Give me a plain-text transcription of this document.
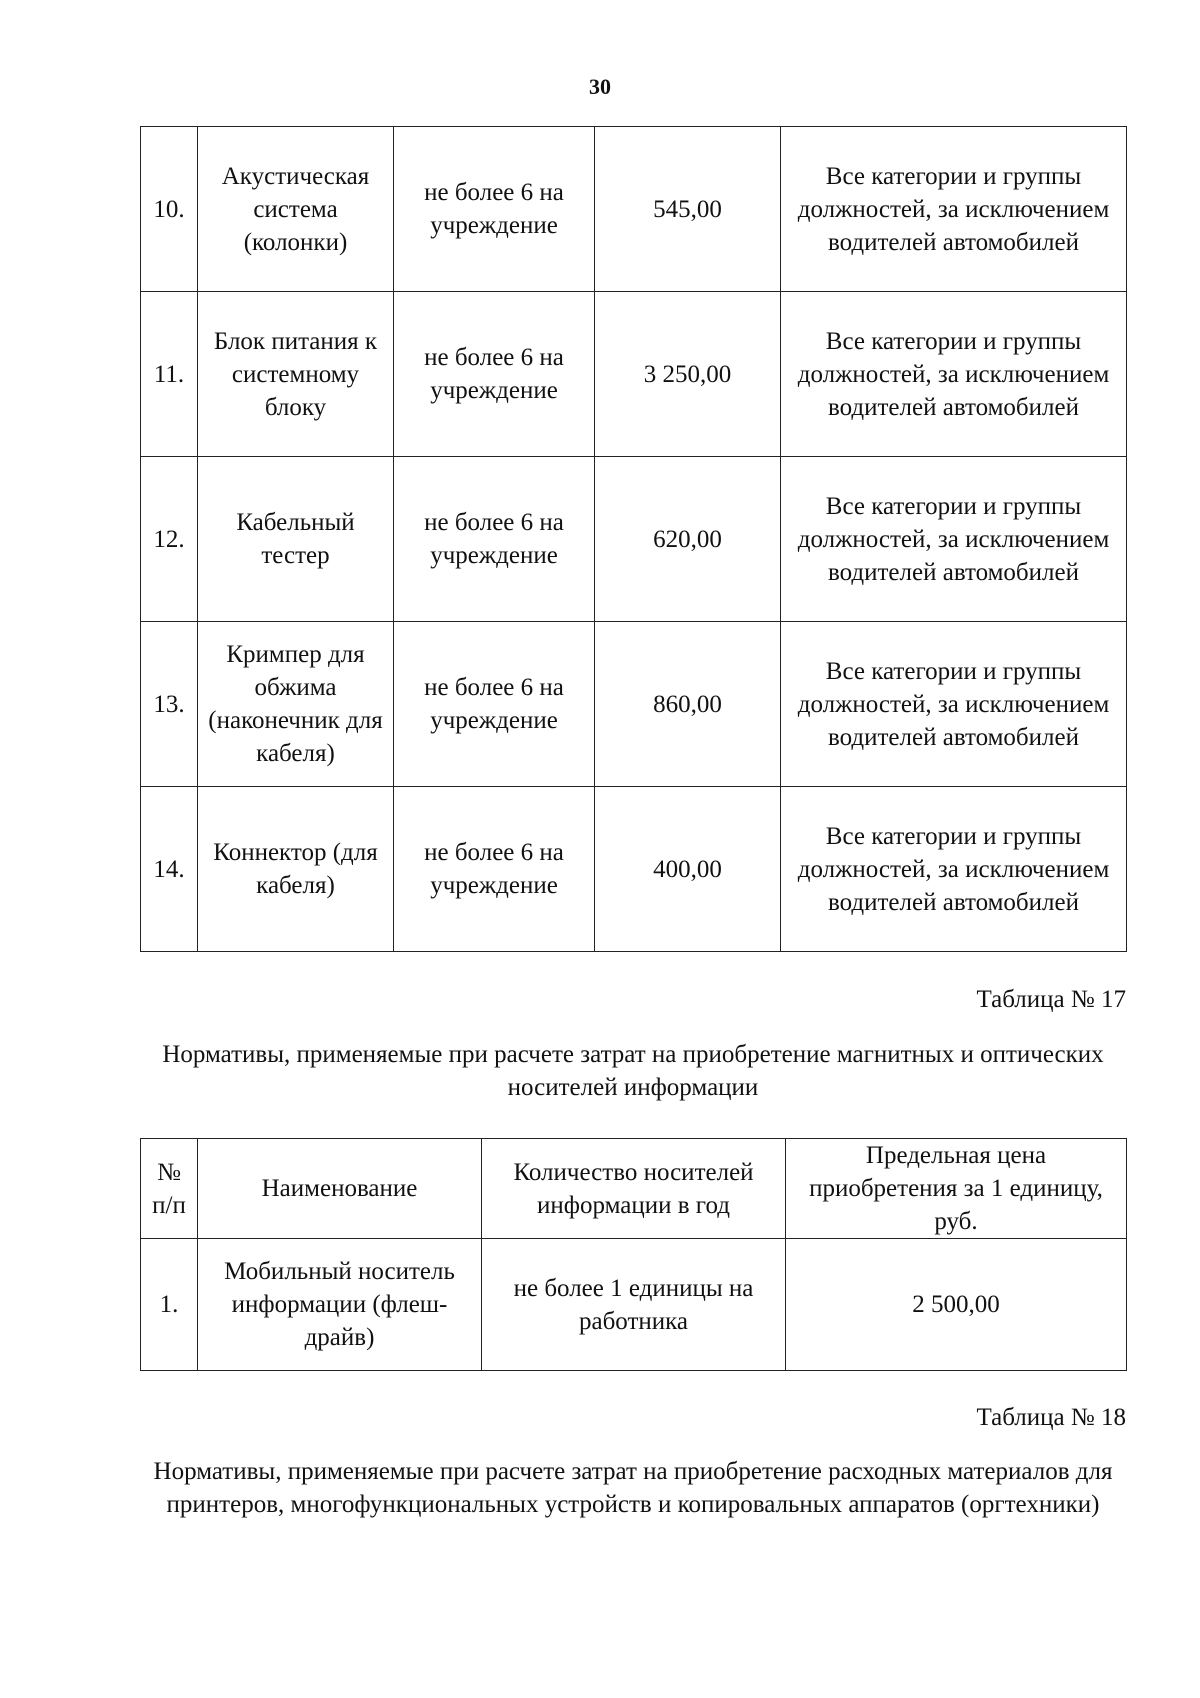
30
10.	Акустическая система (колонки)	не более 6 на учреждение	545,00	Все категории и группы должностей, за исключением водителей автомобилей
11.	Блок питания к системному блоку	не более 6 на учреждение	3 250,00	Все категории и группы должностей, за исключением водителей автомобилей
12.	Кабельный тестер	не более 6 на учреждение	620,00	Все категории и группы должностей, за исключением водителей автомобилей
13.	Кримпер для обжима (наконечник для кабеля)	не более 6 на учреждение	860,00	Все категории и группы должностей, за исключением водителей автомобилей
14.	Коннектор (для кабеля)	не более 6 на учреждение	400,00	Все категории и группы должностей, за исключением водителей автомобилей
Таблица № 17
Нормативы, применяемые при расчете затрат на приобретение магнитных и оптических носителей информации
№ п/п	Наименование	Количество носителей информации в год	Предельная цена приобретения за 1 единицу, руб.
1.	Мобильный носитель информации (флеш-драйв)	не более 1 единицы на работника	2 500,00
Таблица № 18
Нормативы, применяемые при расчете затрат на приобретение расходных материалов для принтеров, многофункциональных устройств и копировальных аппаратов (оргтехники)
